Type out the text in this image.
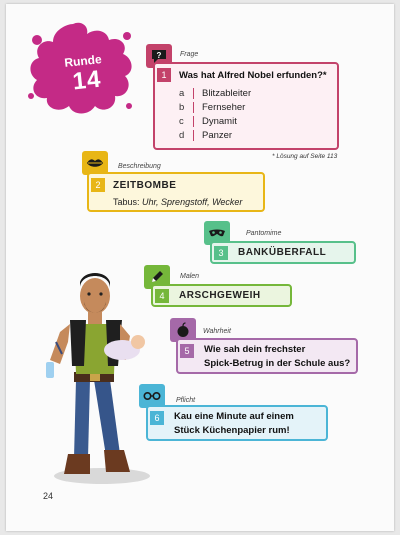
Runde
14
?	Frage
1	Was hat Alfred Nobel erfunden?*
a	Blitzableiter
b	Fernseher
c	Dynamit
d	Panzer
* Lösung auf Seite 113
Beschreibung
2	ZEITBOMBE
Tabus: Uhr, Sprengstoff, Wecker
Pantomime
3	BANKÜBERFALL
Malen
4	ARSCHGEWEIH
Wahrheit
5	Wie sah dein frechster
Spick-Betrug in der Schule aus?
Pflicht
6	Kau eine Minute auf einem
Stück Küchenpapier rum!
24
